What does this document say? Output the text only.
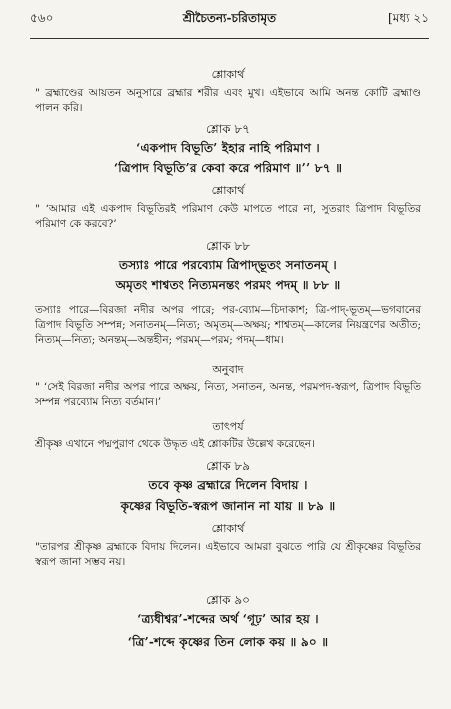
৫৬০	শ্রীচৈতন্য-চরিতামৃত	[মধ্য ২১
শ্লোকার্থ
" ব্রহ্মাণ্ডের আয়তন অনুসারে ব্রহ্মার শরীর এবং মুখ। এইভাবে আমি অনন্ত কোটি ব্রহ্মাণ্ড পালন করি।
শ্লোক ৮৭
‘একপাদ বিভূতি’ ইহার নাহি পরিমাণ ।
‘ত্রিপাদ বিভূতি’র কেবা করে পরিমাণ ॥’’ ৮৭ ॥
শ্লোকার্থ
" ‘আমার এই একপাদ বিভূতিরই পরিমাণ কেউ মাপতে পারে না, সুতরাং ত্রিপাদ বিভূতির পরিমাণ কে করবে?’
শ্লোক ৮৮
তস্যাঃ পারে পরব্যোম ত্রিপাদ্‌ভূতং সনাতনম্ ।
অমৃতং শাশ্বতং নিত্যমনন্তং পরমং পদম্ ॥ ৮৮ ॥
তস্যাঃ পারে—বিরজা নদীর অপর পারে; পর-ব্যোম—চিদাকাশ; ত্রি-পাদ্‌-ভূতম্—ভগবানের ত্রিপাদ বিভূতি সম্পন্ন; সনাতনম্—নিত্য; অমৃতম্—অক্ষয়; শাশ্বতম্—কালের নিয়ন্ত্রণের অতীত; নিত্যম্—নিত্য; অনন্তম্—অন্তহীন; পরমম্—পরম; পদম্—ধাম।
অনুবাদ
" ‘সেই বিরজা নদীর অপর পারে অক্ষয়, নিত্য, সনাতন, অনন্ত, পরমপদ-স্বরূপ, ত্রিপাদ বিভূতি সম্পন্ন পরব্যোম নিত্য বর্তমান।’
তাৎপর্য
শ্রীকৃষ্ণ এখানে পদ্মপুরাণ থেকে উদ্ধৃত এই শ্লোকটির উল্লেখ করেছেন।
শ্লোক ৮৯
তবে কৃষ্ণ ব্রহ্মারে দিলেন বিদায় ।
কৃষ্ণের বিভূতি-স্বরূপ জানান না যায় ॥ ৮৯ ॥
শ্লোকার্থ
"তারপর শ্রীকৃষ্ণ ব্রহ্মাকে বিদায় দিলেন। এইভাবে আমরা বুঝতে পারি যে শ্রীকৃষ্ণের বিভূতির স্বরূপ জানা সম্ভব নয়।
শ্লোক ৯০
‘ত্র্যধীশ্বর’-শব্দের অর্থ ‘গূঢ়’ আর হয় ।
‘ত্রি’-শব্দে কৃষ্ণের তিন লোক কয় ॥ ৯০ ॥
